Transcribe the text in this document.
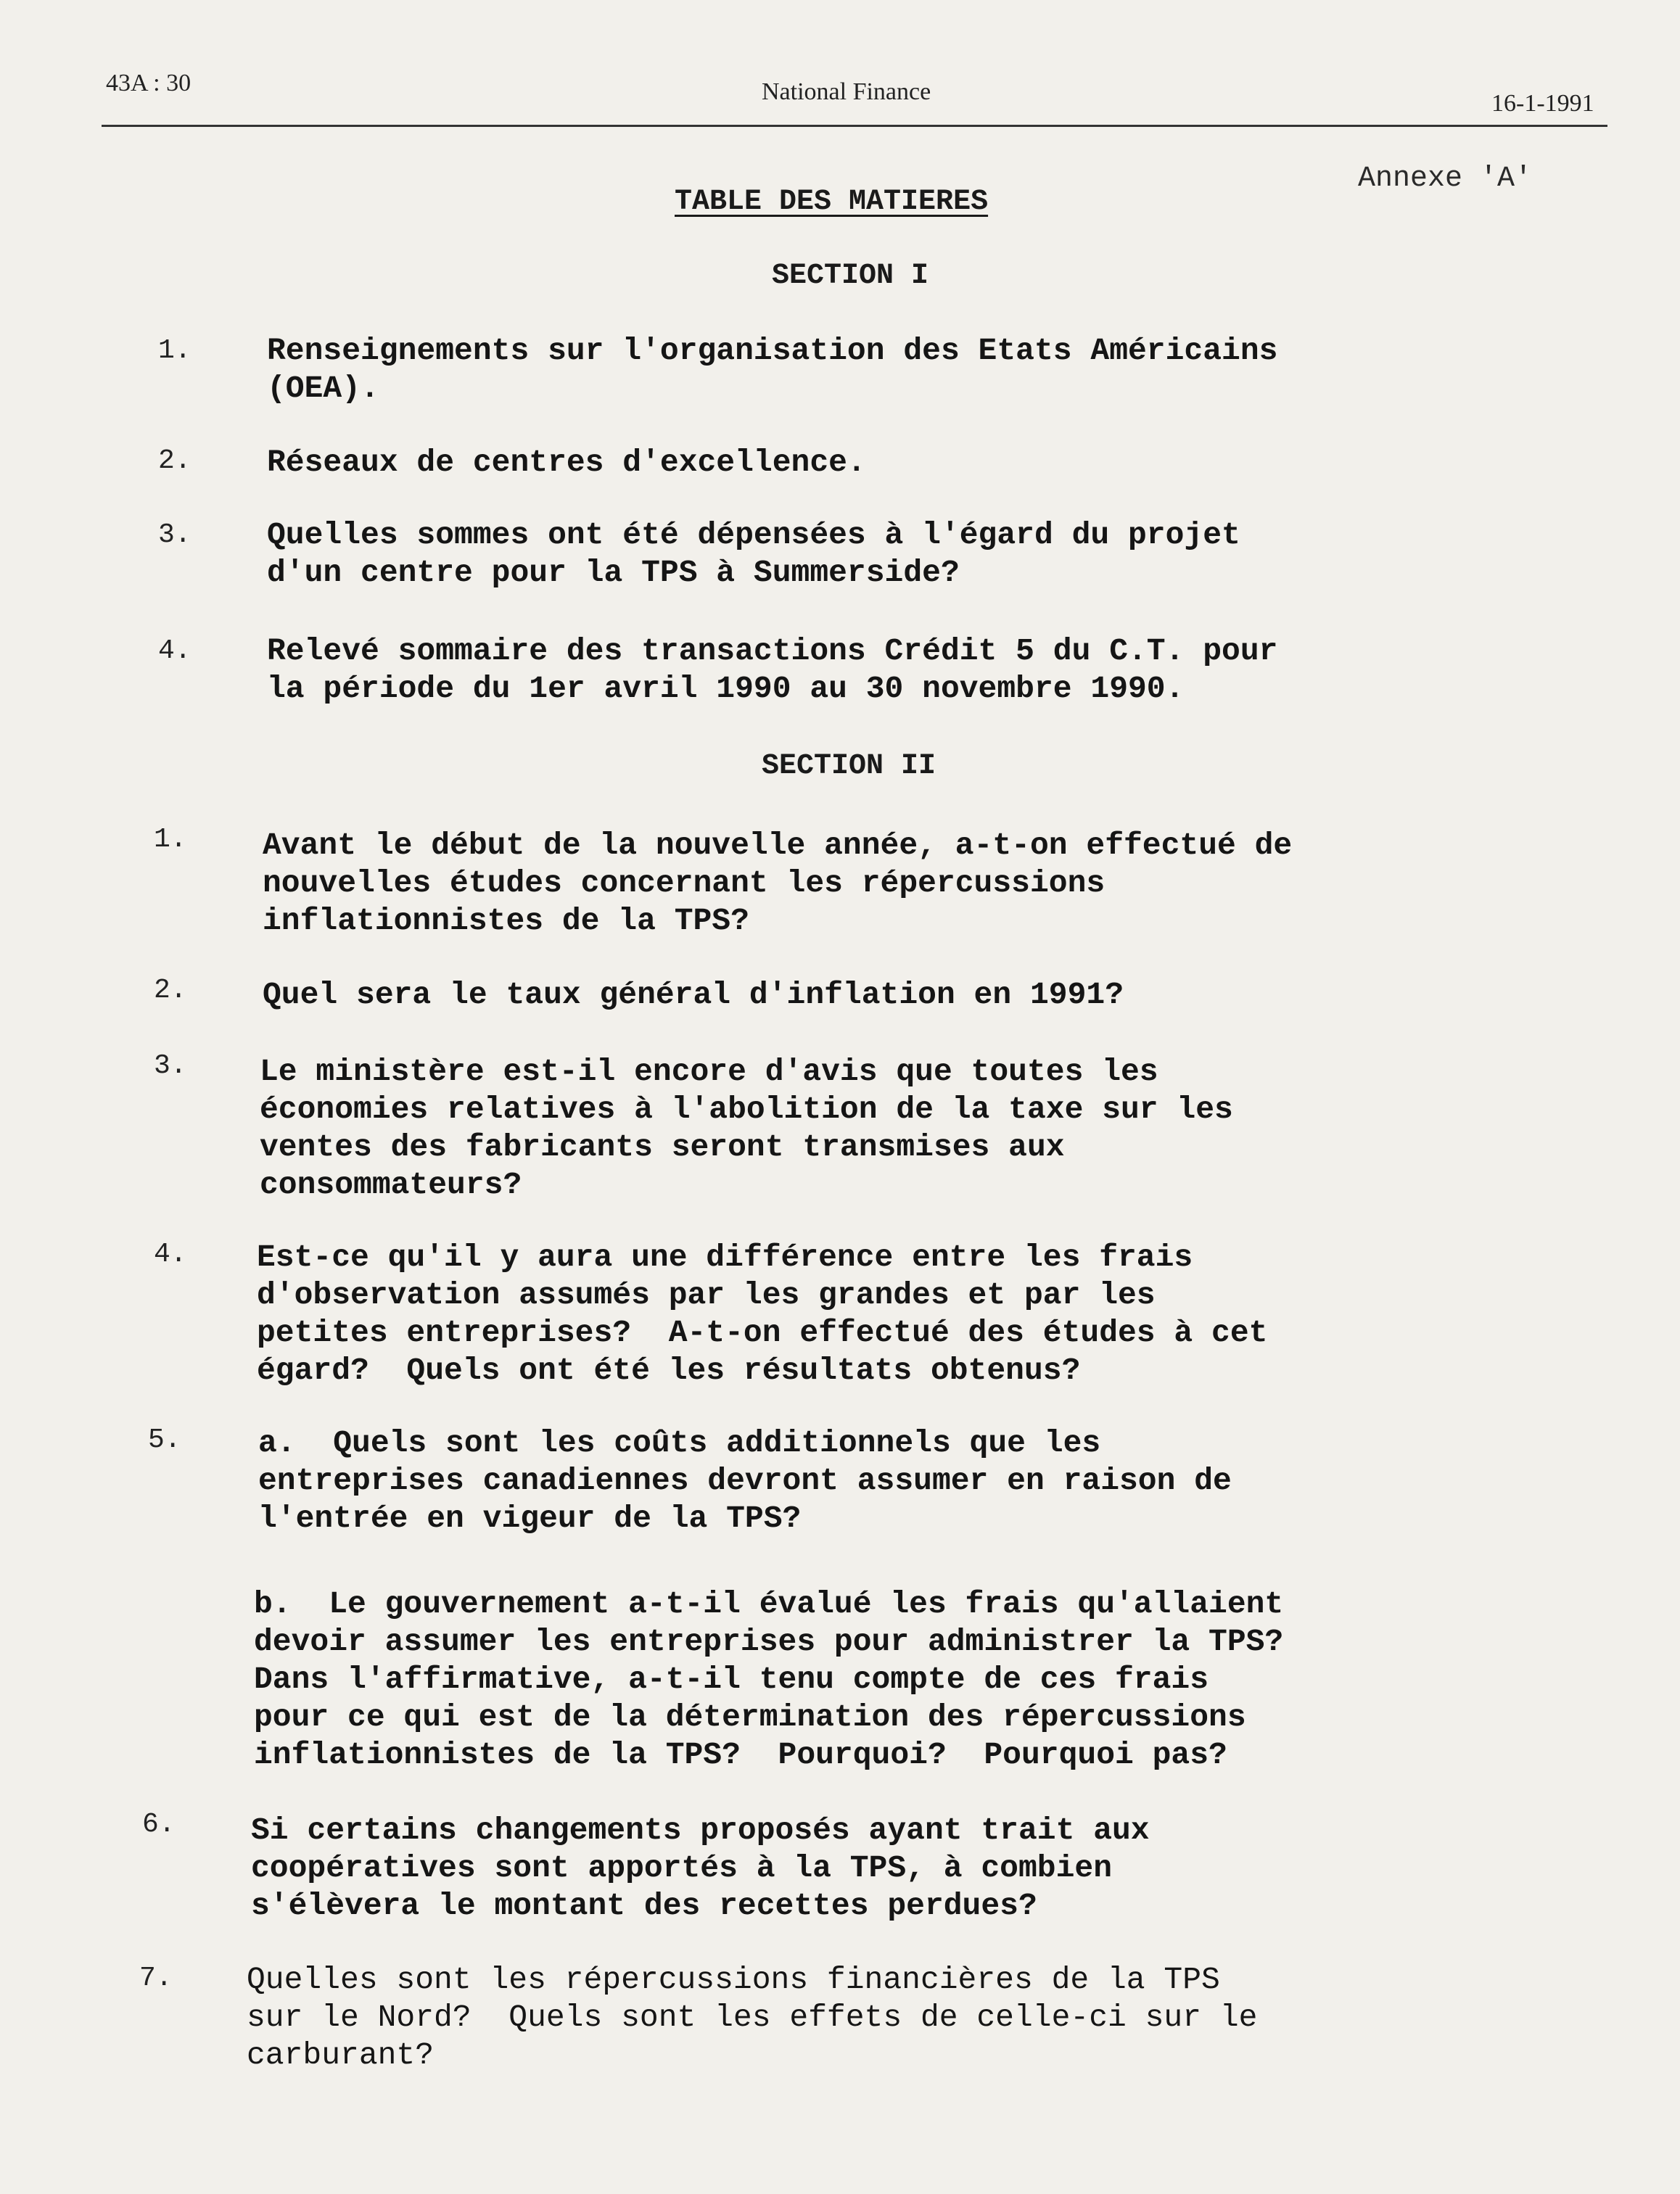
43A : 30	National Finance	16-1-1991
Annexe 'A'
TABLE DES MATIERES
SECTION I
1. Renseignements sur l'organisation des Etats Américains
(OEA).
2. Réseaux de centres d'excellence.
3. Quelles sommes ont été dépensées à l'égard du projet
d'un centre pour la TPS à Summerside?
4. Relevé sommaire des transactions Crédit 5 du C.T. pour
la période du 1er avril 1990 au 30 novembre 1990.
SECTION II
1. Avant le début de la nouvelle année, a-t-on effectué de
nouvelles études concernant les répercussions
inflationnistes de la TPS?
2. Quel sera le taux général d'inflation en 1991?
3. Le ministère est-il encore d'avis que toutes les
économies relatives à l'abolition de la taxe sur les
ventes des fabricants seront transmises aux
consommateurs?
4. Est-ce qu'il y aura une différence entre les frais
d'observation assumés par les grandes et par les
petites entreprises?  A-t-on effectué des études à cet
égard?  Quels ont été les résultats obtenus?
5. a.  Quels sont les coûts additionnels que les
entreprises canadiennes devront assumer en raison de
l'entrée en vigeur de la TPS?
b.  Le gouvernement a-t-il évalué les frais qu'allaient
devoir assumer les entreprises pour administrer la TPS?
Dans l'affirmative, a-t-il tenu compte de ces frais
pour ce qui est de la détermination des répercussions
inflationnistes de la TPS?  Pourquoi?  Pourquoi pas?
6. Si certains changements proposés ayant trait aux
coopératives sont apportés à la TPS, à combien
s'élèvera le montant des recettes perdues?
7. Quelles sont les répercussions financières de la TPS
sur le Nord?  Quels sont les effets de celle-ci sur le
carburant?
